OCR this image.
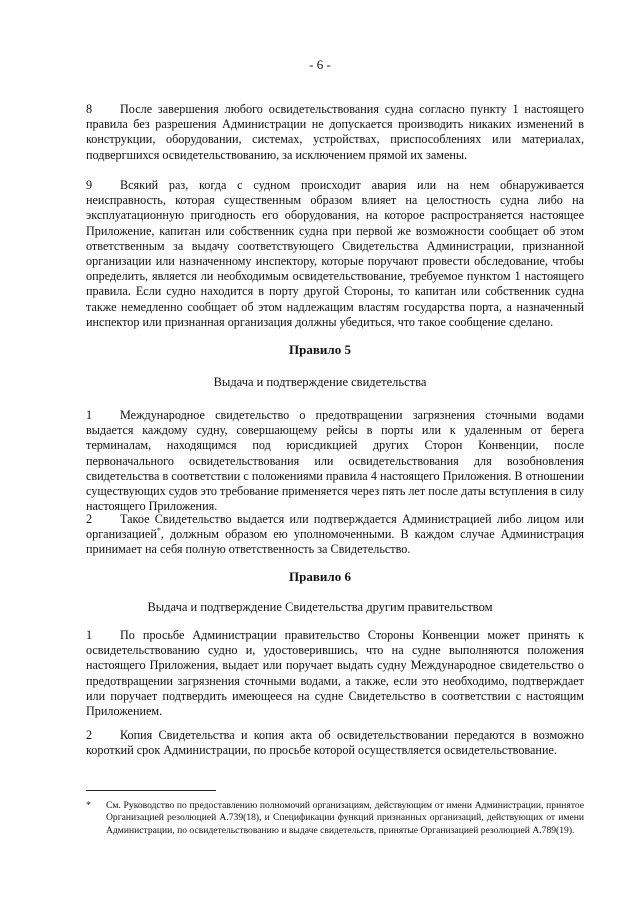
- 6 -

8 После завершения любого освидетельствования судна согласно пункту 1 настоящего правила без разрешения Администрации не допускается производить никаких изменений в конструкции, оборудовании, системах, устройствах, приспособлениях или материалах, подвергшихся освидетельствованию, за исключением прямой их замены.

9 Всякий раз, когда с судном происходит авария или на нем обнаруживается неисправность, которая существенным образом влияет на целостность судна либо на эксплуатационную пригодность его оборудования, на которое распространяется настоящее Приложение, капитан или собственник судна при первой же возможности сообщает об этом ответственным за выдачу соответствующего Свидетельства Администрации, признанной организации или назначенному инспектору, которые поручают провести обследование, чтобы определить, является ли необходимым освидетельствование, требуемое пунктом 1 настоящего правила. Если судно находится в порту другой Стороны, то капитан или собственник судна также немедленно сообщает об этом надлежащим властям государства порта, а назначенный инспектор или признанная организация должны убедиться, что такое сообщение сделано.

Правило 5

Выдача и подтверждение свидетельства

1 Международное свидетельство о предотвращении загрязнения сточными водами выдается каждому судну, совершающему рейсы в порты или к удаленным от берега терминалам, находящимся под юрисдикцией других Сторон Конвенции, после первоначального освидетельствования или освидетельствования для возобновления свидетельства в соответствии с положениями правила 4 настоящего Приложения. В отношении существующих судов это требование применяется через пять лет после даты вступления в силу настоящего Приложения.

2 Такое Свидетельство выдается или подтверждается Администрацией либо лицом или организацией*, должным образом ею уполномоченными. В каждом случае Администрация принимает на себя полную ответственность за Свидетельство.

Правило 6

Выдача и подтверждение Свидетельства другим правительством

1 По просьбе Администрации правительство Стороны Конвенции может принять к освидетельствованию судно и, удостоверившись, что на судне выполняются положения настоящего Приложения, выдает или поручает выдать судну Международное свидетельство о предотвращении загрязнения сточными водами, а также, если это необходимо, подтверждает или поручает подтвердить имеющееся на судне Свидетельство в соответствии с настоящим Приложением.

2 Копия Свидетельства и копия акта об освидетельствовании передаются в возможно короткий срок Администрации, по просьбе которой осуществляется освидетельствование.

*	См. Руководство по предоставлению полномочий организациям, действующим от имени Администрации, принятое Организацией резолюцией A.739(18), и Спецификации функций признанных организаций, действующих от имени Администрации, по освидетельствованию и выдаче свидетельств, принятые Организацией резолюцией A.789(19).
